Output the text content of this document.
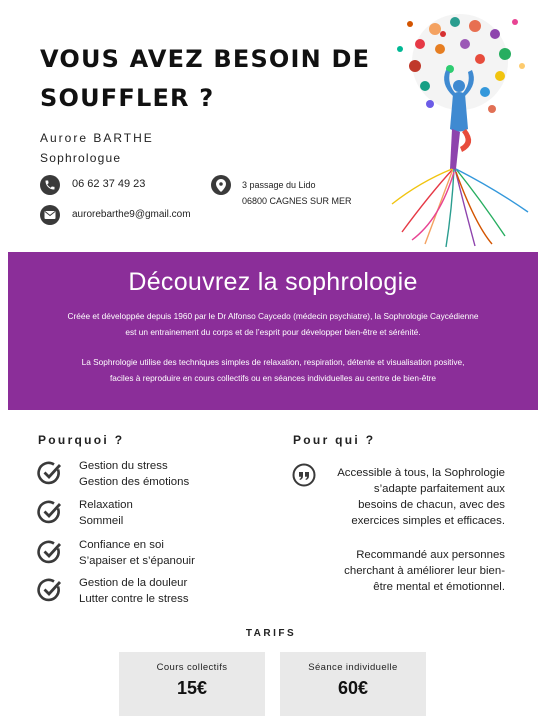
VOUS AVEZ BESOIN DE SOUFFLER ?
Aurore BARTHE
Sophrologue
06 62 37 49 23
aurorebarthe9@gmail.com
3 passage du Lido
06800 CAGNES SUR MER
Découvrez la sophrologie
Créée et développée depuis 1960 par le Dr Alfonso Caycedo (médecin psychiatre), la Sophrologie Caycédienne
est un entrainement du corps et de l’esprit pour développer bien-être et sérénité.
La Sophrologie utilise des techniques simples de relaxation, respiration, détente et visualisation positive,
faciles à reproduire en cours collectifs ou en séances individuelles au centre de bien-être
Pourquoi ?
Gestion du stress
Gestion des émotions
Relaxation
Sommeil
Confiance en soi
S’apaiser et s’épanouir
Gestion de la douleur
Lutter contre le stress
Pour qui ?
Accessible à tous, la Sophrologie
s’adapte parfaitement aux
besoins de chacun, avec des
exercices simples et efficaces.
Recommandé aux personnes
cherchant à améliorer leur bien-
être mental et émotionnel.
TARIFS
Cours collectifs
15€
Séance individuelle
60€
